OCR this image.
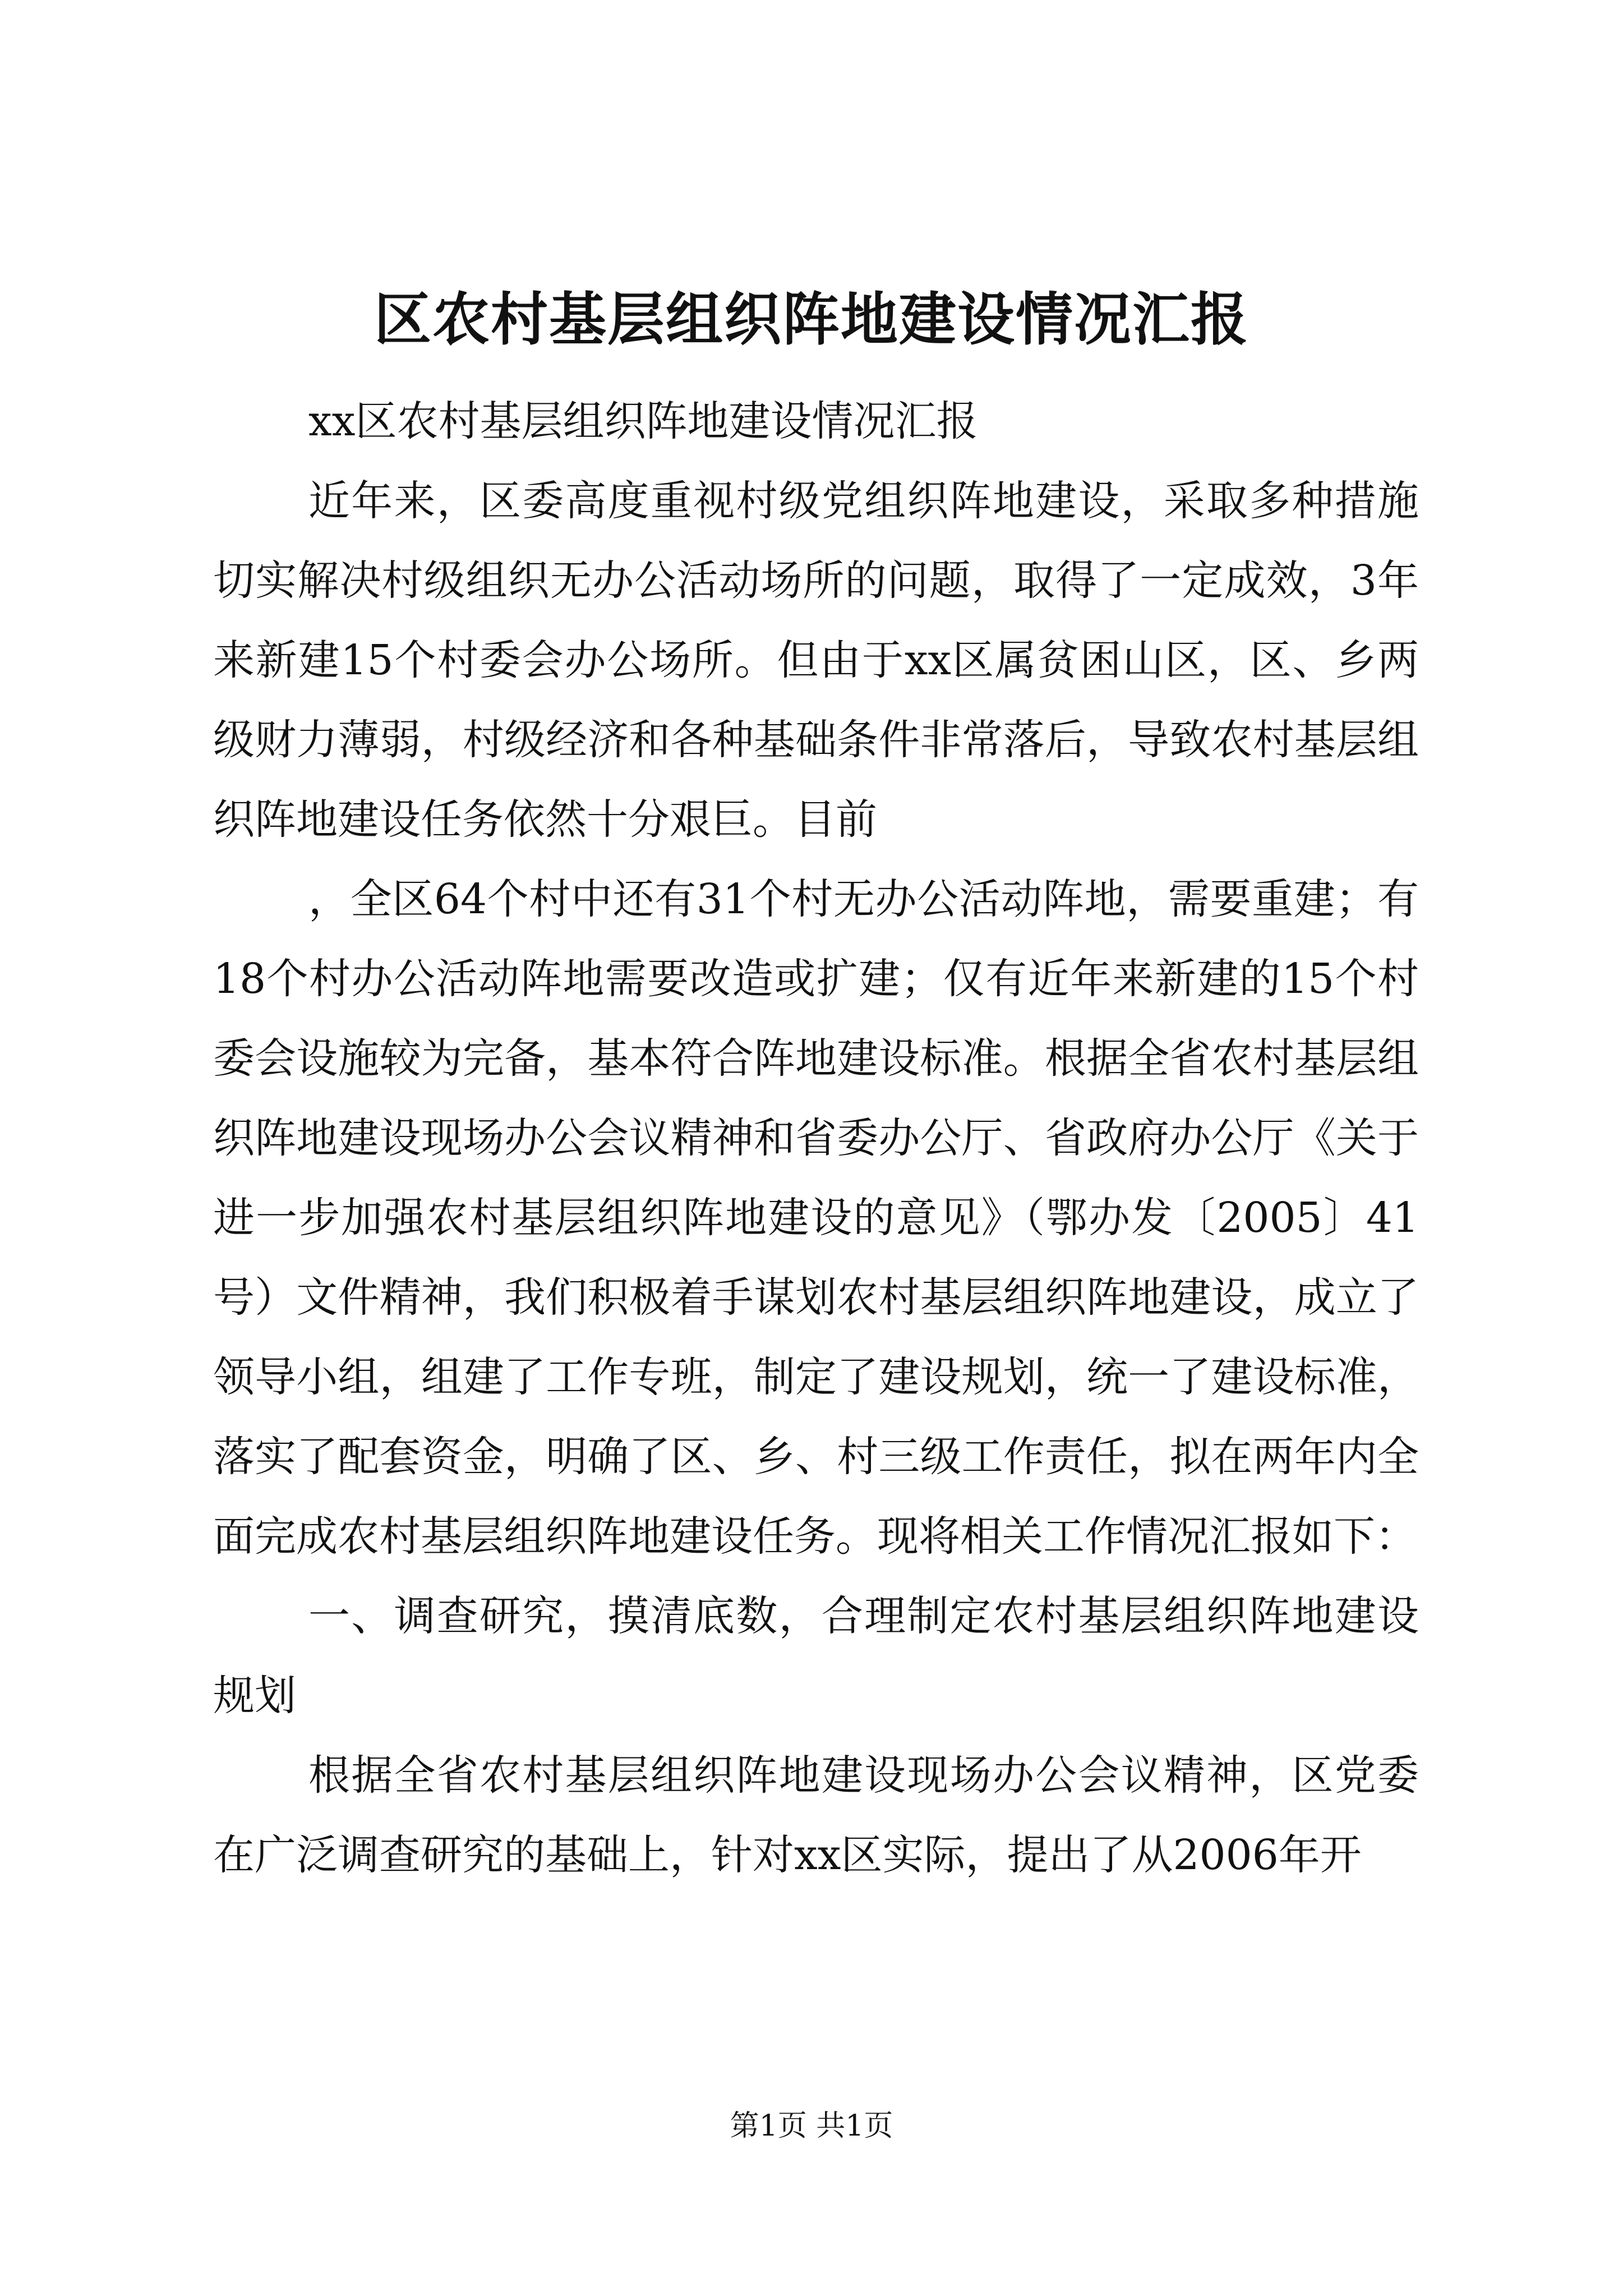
区农村基层组织阵地建设情况汇报

xx区农村基层组织阵地建设情况汇报

近年来，区委高度重视村级党组织阵地建设，采取多种措施切实解决村级组织无办公活动场所的问题，取得了一定成效，3年来新建15个村委会办公场所。但由于xx区属贫困山区，区、乡两级财力薄弱，村级经济和各种基础条件非常落后，导致农村基层组织阵地建设任务依然十分艰巨。目前

，全区64个村中还有31个村无办公活动阵地，需要重建；有18个村办公活动阵地需要改造或扩建；仅有近年来新建的15个村委会设施较为完备，基本符合阵地建设标准。根据全省农村基层组织阵地建设现场办公会议精神和省委办公厅、省政府办公厅《关于进一步加强农村基层组织阵地建设的意见》（鄂办发〔2005〕41号）文件精神，我们积极着手谋划农村基层组织阵地建设，成立了领导小组，组建了工作专班，制定了建设规划，统一了建设标准，落实了配套资金，明确了区、乡、村三级工作责任，拟在两年内全面完成农村基层组织阵地建设任务。现将相关工作情况汇报如下：

一、调查研究，摸清底数，合理制定农村基层组织阵地建设规划

根据全省农村基层组织阵地建设现场办公会议精神，区党委在广泛调查研究的基础上，针对xx区实际，提出了从2006年开

第1页 共1页
